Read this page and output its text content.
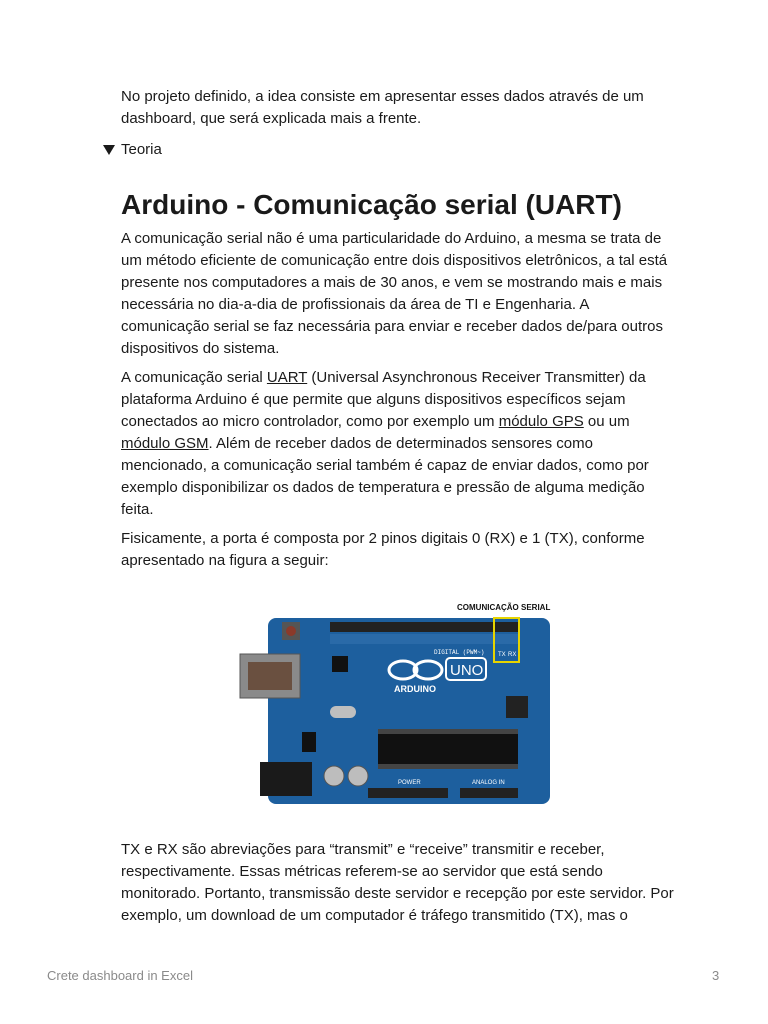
No projeto definido, a idea consiste em apresentar esses dados através de um dashboard, que será explicada mais a frente.

Teoria
Arduino - Comunicação serial (UART)

A comunicação serial não é uma particularidade do Arduino, a mesma se trata de um método eficiente de comunicação entre dois dispositivos eletrônicos, a tal está presente nos computadores a mais de 30 anos, e vem se mostrando mais e mais necessária no dia-a-dia de profissionais da área de TI e Engenharia. A comunicação serial se faz necessária para enviar e receber dados de/para outros dispositivos do sistema.

A comunicação serial UART (Universal Asynchronous Receiver Transmitter) da plataforma Arduino é que permite que alguns dispositivos específicos sejam conectados ao micro controlador, como por exemplo um módulo GPS ou um módulo GSM. Além de receber dados de determinados sensores como mencionado, a comunicação serial também é capaz de enviar dados, como por exemplo disponibilizar os dados de temperatura e pressão de alguma medição feita.

Fisicamente, a porta é composta por 2 pinos digitais 0 (RX) e 1 (TX), conforme apresentado na figura a seguir:

COMUNICAÇÃO SERIAL
TX RX
DIGITAL (PWM~)
ARDUINO
UNO
POWER	ANALOG IN

TX e RX são abreviações para “transmit” e “receive” transmitir e receber, respectivamente. Essas métricas referem-se ao servidor que está sendo monitorado. Portanto, transmissão deste servidor e recepção por este servidor. Por exemplo, um download de um computador é tráfego transmitido (TX), mas o

Crete dashboard in Excel	3
